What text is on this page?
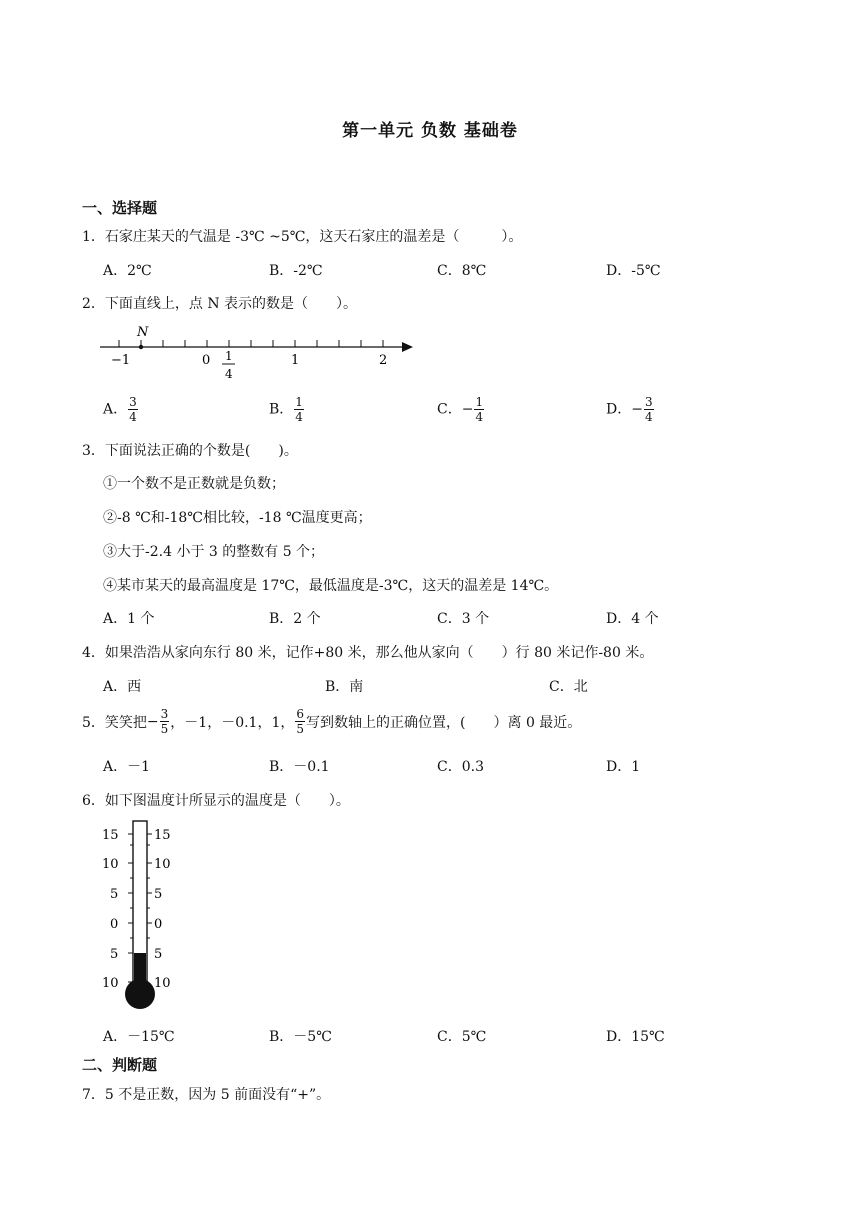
第一单元 负数 基础卷
一、选择题
1．石家庄某天的气温是 -3℃ ~5℃，这天石家庄的温差是（　　　）。
A．2℃	B．-2℃	C．8℃	D．-5℃
2．下面直线上，点 N 表示的数是（　　）。
N
−1	0	1	2
1
4
A． $\frac{3}{4}$	B． $\frac{1}{4}$	C．− $\frac{1}{4}$	D．− $\frac{3}{4}$
3．下面说法正确的个数是(　　)。
①一个数不是正数就是负数；
②-8 ℃和-18℃相比较，-18 ℃温度更高；
③大于-2.4 小于 3 的整数有 5 个；
④某市某天的最高温度是 17℃，最低温度是-3℃，这天的温差是 14℃。
A．1 个	B．2 个	C．3 个	D．4 个
4．如果浩浩从家向东行 80 米，记作+80 米，那么他从家向（　　）行 80 米记作-80 米。
A．西	B．南	C．北
5．笑笑把 − $\frac{3}{5}$ ，－1，－0.1，1， $\frac{6}{5}$ 写到数轴上的正确位置，(　　）离 0 最近。
A．－1	B．－0.1	C．0.3	D．1
6．如下图温度计所显示的温度是（　　）。
15
10
5
0
5
10
15
10
5
0
5
10
A．－15℃	B．－5℃	C．5℃	D．15℃
二、判断题
7．5 不是正数，因为 5 前面没有“+”。
